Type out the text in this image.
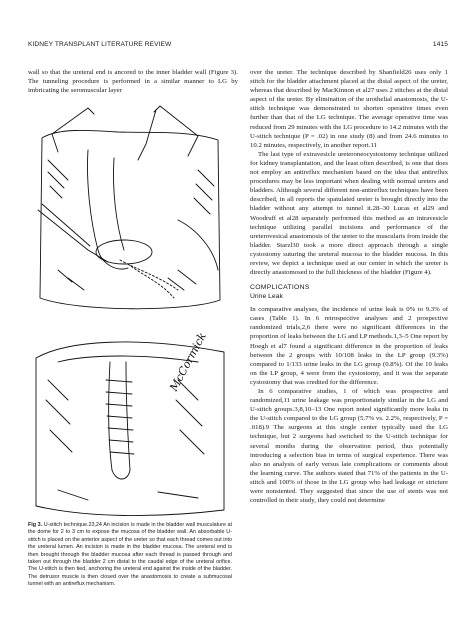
KIDNEY TRANSPLANT LITERATURE REVIEW	1415

wall so that the ureteral end is ancored to the inner bladder wall (Figure 3). The tunneling procedure is performed in a similar manner to LG by imbricating the seromuscular layer

McCormick
Fig 3. U-stitch technique.23,24 An incision is made in the bladder wall musculature at the dome for 2 to 3 cm to expose the mucosa of the bladder wall. An absorbable U-stitch is placed on the anterior aspect of the ureter so that each thread comes out into the ureteral lumen. An incision is made in the bladder mucosa. The ureteral end is then brought through the bladder mucosa after each thread is passed through and taken out through the bladder 2 cm distal to the caudal edge of the ureteral orifice. The U-stitch is then tied, anchoring the ureteral end against the inside of the bladder. The detrusor muscle is then closed over the anastomosis to create a submucosal tunnel with an antireflux mechanism.

over the ureter. The technique described by Shanfield26 uses only 1 stitch for the bladder attachment placed at the distal aspect of the ureter, whereas that described by MacKinnon et al27 uses 2 stitches at the distal aspect of the ureter. By elimination of the urothelial anastomosis, the U-stitch technique was demonstrated to shorten operative times even further than that of the LG technique. The average operative time was reduced from 29 minutes with the LG procedure to 14.2 minutes with the U-stitch technique (P = .02) in one study (8) and from 24.6 minutes to 10.2 minutes, respectively, in another report.11

The last type of extravesicle ureteroneocystostomy technique utilized for kidney transplantation, and the least often described, is one that does not employ an antireflux mechanism based on the idea that antireflux procedures may be less important when dealing with normal ureters and bladders. Although several different non-antireflux techniques have been described, in all reports the spatulated ureter is brought directly into the bladder without any attempt to tunnel it.28–30 Lucas et al29 and Woodruff et al28 separately performed this method as an intravesicle technique utilizing parallel incisions and performance of the ureterovesical anastomosis of the ureter to the muscularis from inside the bladder. Starzl30 took a more direct approach through a single cystostomy suturing the ureteral mucosa to the bladder mucosa. In this review, we depict a technique used at our center in which the ureter is directly anastomosed to the full thickness of the bladder (Figure 4).

COMPLICATIONS
Urine Leak

In comparative analyses, the incidence of urine leak is 0% to 9.3% of cases (Table 1). In 6 retrospective analyses and 2 prospective randomized trials,2,6 there were no significant differences in the proportion of leaks between the LG and LP methods.1,3–5 One report by Hoegh et al7 found a significant difference in the proportion of leaks between the 2 groups with 10/108 leaks in the LP group (9.3%) compared to 1/133 urine leaks in the LG group (0.8%). Of the 10 leaks on the LP group, 4 were from the cystostomy, and it was the separate cystostomy that was credited for the difference.

In 6 comparative studies, 1 of which was prospective and randomized,11 urine leakage was proportionately similar in the LG and U-stitch groups.3,8,10–13 One report noted significantly more leaks in the U-stitch compared to the LG group (5.7% vs. 2.2%, respectively, P = .018).9 The surgeons at this single center typically used the LG technique, but 2 surgeons had switched to the U-stitch technique for several months during the observation period, thus potentially introducing a selection bias in terms of surgical experience. There was also no analysis of early versus late complications or comments about the learning curve. The authors stated that 71% of the patients in the U-stitch and 100% of those in the LG group who had leakage or stricture were nonstented. They suggested that since the use of stents was not controlled in their study, they could not determine
